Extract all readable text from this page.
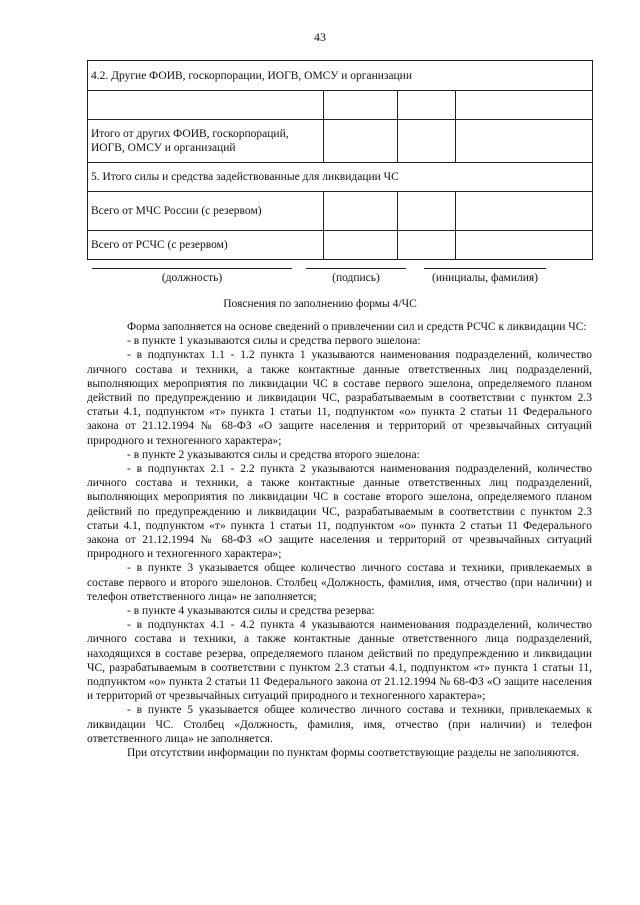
43
4.2. Другие ФОИВ, госкорпорации, ИОГВ, ОМСУ и организации			

Итого от других ФОИВ, госкорпораций, ИОГВ, ОМСУ и организаций			
5. Итого силы и средства задействованные для ликвидации ЧС			
Всего от МЧС России (с резервом)			
Всего от РСЧС (с резервом)			
(должность)	(подпись)	(инициалы, фамилия)
Пояснения по заполнению формы 4/ЧС

Форма заполняется на основе сведений о привлечении сил и средств РСЧС к ликвидации ЧС:

- в пункте 1 указываются силы и средства первого эшелона:

- в подпунктах 1.1 - 1.2 пункта 1 указываются наименования подразделений, количество личного состава и техники, а также контактные данные ответственных лиц подразделений, выполняющих мероприятия по ликвидации ЧС в составе первого эшелона, определяемого планом действий по предупреждению и ликвидации ЧС, разрабатываемым в соответствии с пунктом 2.3 статьи 4.1, подпунктом «т» пункта 1 статьи 11, подпунктом «о» пункта 2 статьи 11 Федерального закона от 21.12.1994 № 68-ФЗ «О защите населения и территорий от чрезвычайных ситуаций природного и техногенного характера»;

- в пункте 2 указываются силы и средства второго эшелона:

- в подпунктах 2.1 - 2.2 пункта 2 указываются наименования подразделений, количество личного состава и техники, а также контактные данные ответственных лиц подразделений, выполняющих мероприятия по ликвидации ЧС в составе второго эшелона, определяемого планом действий по предупреждению и ликвидации ЧС, разрабатываемым в соответствии с пунктом 2.3 статьи 4.1, подпунктом «т» пункта 1 статьи 11, подпунктом «о» пункта 2 статьи 11 Федерального закона от 21.12.1994 № 68-ФЗ «О защите населения и территорий от чрезвычайных ситуаций природного и техногенного характера»;

- в пункте 3 указывается общее количество личного состава и техники, привлекаемых в составе первого и второго эшелонов. Столбец «Должность, фамилия, имя, отчество (при наличии) и телефон ответственного лица» не заполняется;

- в пункте 4 указываются силы и средства резерва:

- в подпунктах 4.1 - 4.2 пункта 4 указываются наименования подразделений, количество личного состава и техники, а также контактные данные ответственного лица подразделений, находящихся в составе резерва, определяемого планом действий по предупреждению и ликвидации ЧС, разрабатываемым в соответствии с пунктом 2.3 статьи 4.1, подпунктом «т» пункта 1 статьи 11, подпунктом «о» пункта 2 статьи 11 Федерального закона от 21.12.1994 № 68-ФЗ «О защите населения и территорий от чрезвычайных ситуаций природного и техногенного характера»;

- в пункте 5 указывается общее количество личного состава и техники, привлекаемых к ликвидации ЧС. Столбец «Должность, фамилия, имя, отчество (при наличии) и телефон ответственного лица» не заполняется.

При отсутствии информации по пунктам формы соответствующие разделы не заполняются.
